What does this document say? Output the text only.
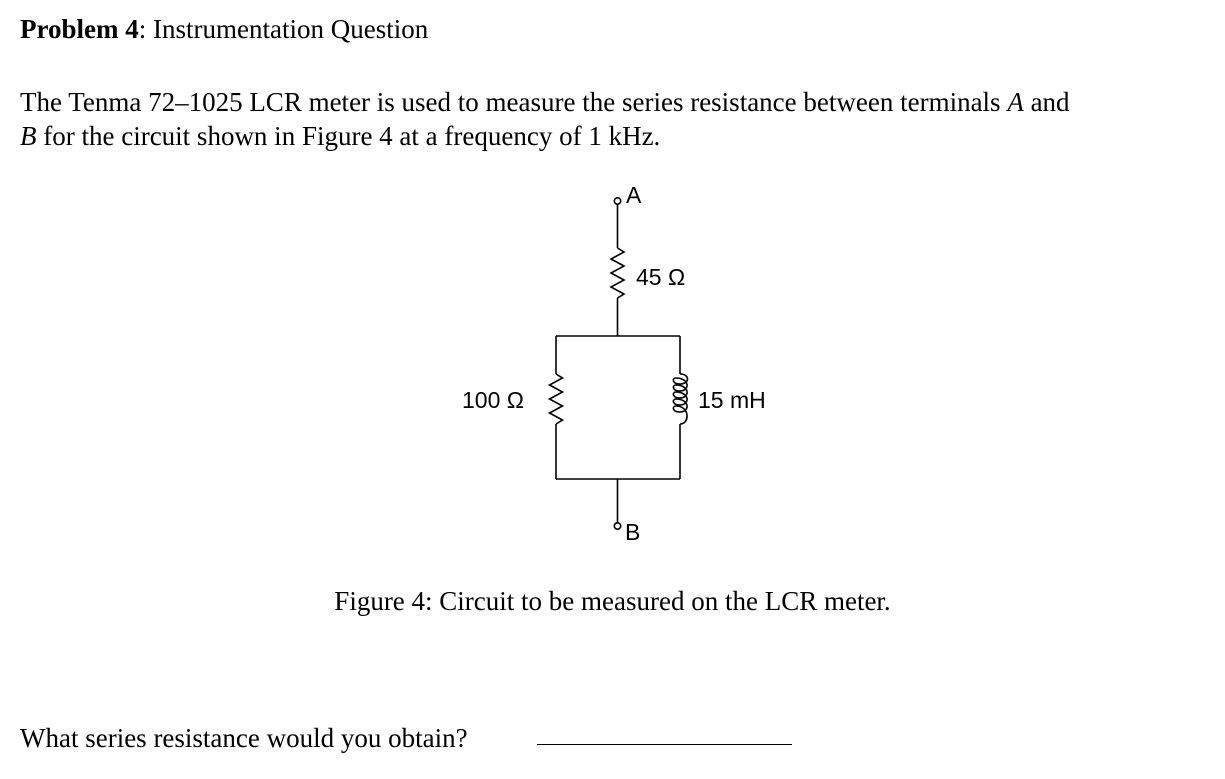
Problem 4: Instrumentation Question
The Tenma 72–1025 LCR meter is used to measure the series resistance between terminals A and
B for the circuit shown in Figure 4 at a frequency of 1 kHz.
A
45 Ω
100 Ω	15 mH
B
Figure 4: Circuit to be measured on the LCR meter.
What series resistance would you obtain?
